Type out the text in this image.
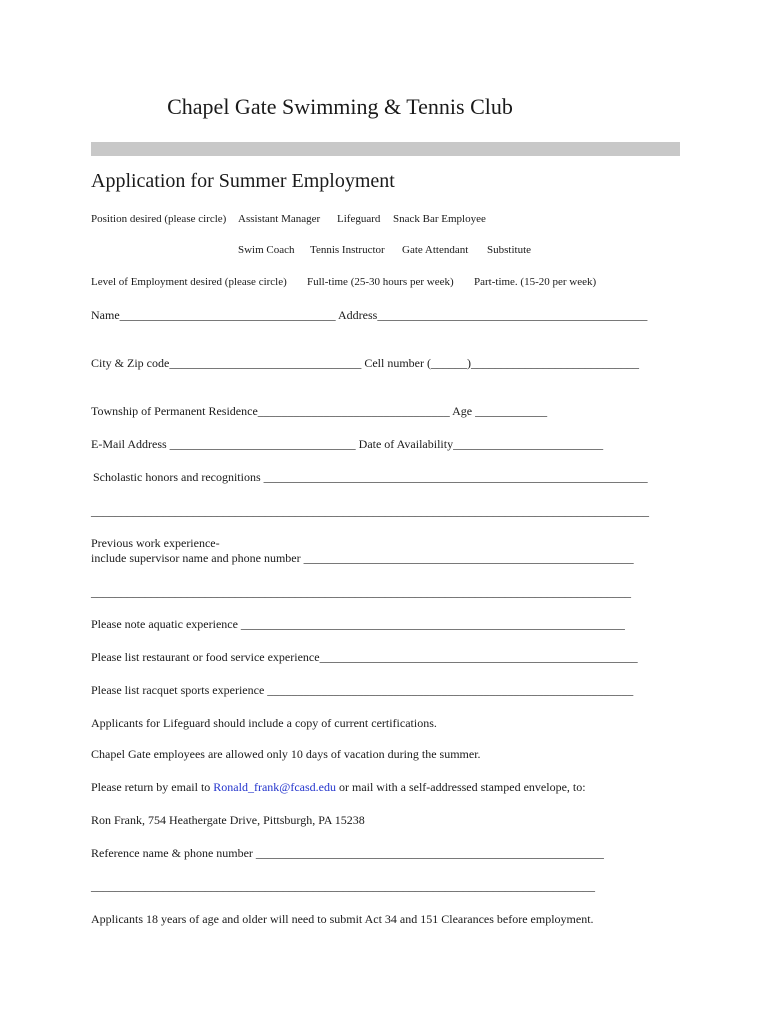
Chapel Gate Swimming & Tennis Club
Application for Summer Employment
Position desired (please circle) Assistant Manager Lifeguard Snack Bar Employee
Swim Coach Tennis Instructor Gate Attendant Substitute
Level of Employment desired (please circle) Full-time (25-30 hours per week) Part-time. (15-20 per week)
Name____________________________________ Address_____________________________________________
City & Zip code________________________________ Cell number (______)____________________________
Township of Permanent Residence________________________________ Age ____________
E-Mail Address _______________________________ Date of Availability_________________________
Scholastic honors and recognitions ________________________________________________________________
_____________________________________________________________________________________________
Previous work experience-
include supervisor name and phone number _______________________________________________________
__________________________________________________________________________________________
Please note aquatic experience ________________________________________________________________
Please list restaurant or food service experience_____________________________________________________
Please list racquet sports experience _____________________________________________________________
Applicants for Lifeguard should include a copy of current certifications.
Chapel Gate employees are allowed only 10 days of vacation during the summer.
Please return by email to Ronald_frank@fcasd.edu or mail with a self-addressed stamped envelope, to:
Ron Frank, 754 Heathergate Drive, Pittsburgh, PA 15238
Reference name & phone number __________________________________________________________
____________________________________________________________________________________
Applicants 18 years of age and older will need to submit Act 34 and 151 Clearances before employment.
